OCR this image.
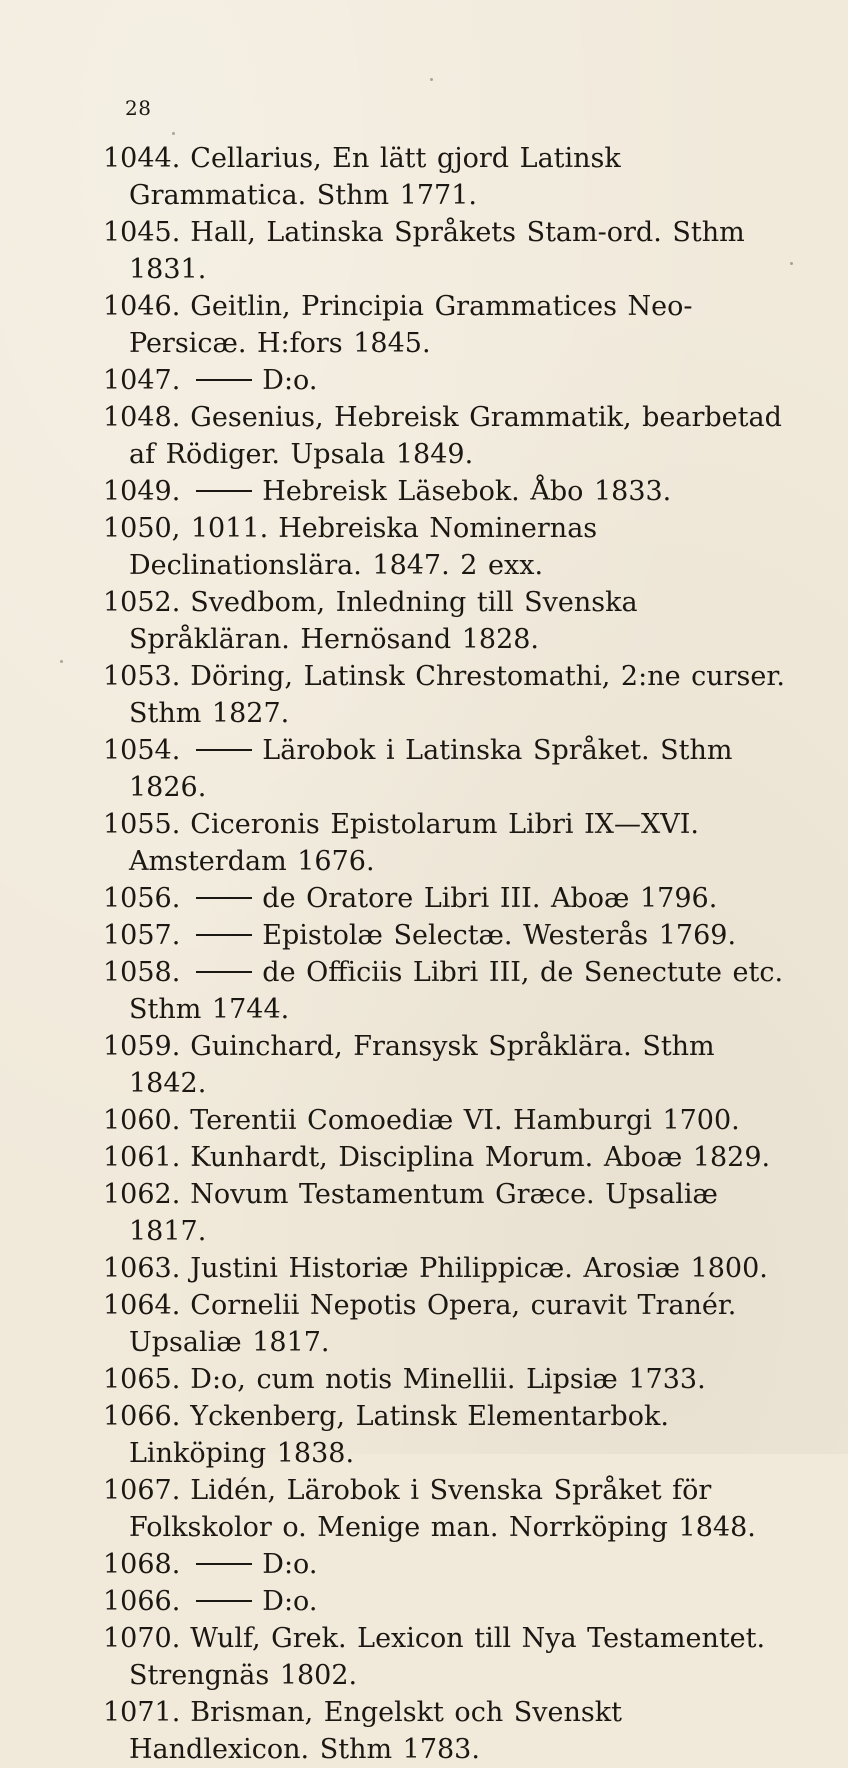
28
1044. Cellarius, En lätt gjord Latinsk Grammatica. Sthm 1771.
1045. Hall, Latinska Språkets Stam-ord. Sthm 1831.
1046. Geitlin, Principia Grammatices Neo-Persicæ. H:fors 1845.
1047.	D:o.
1048. Gesenius, Hebreisk Grammatik, bearbetad af Rödiger. Upsala 1849.
1049.	Hebreisk Läsebok. Åbo 1833.
1050, 1011. Hebreiska Nominernas Declinationslära. 1847. 2 exx.
1052. Svedbom, Inledning till Svenska Språkläran. Hernösand 1828.
1053. Döring, Latinsk Chrestomathi, 2:ne curser. Sthm 1827.
1054.	Lärobok i Latinska Språket. Sthm 1826.
1055. Ciceronis Epistolarum Libri IX—XVI. Amsterdam 1676.
1056.	de Oratore Libri III. Aboæ 1796.
1057.	Epistolæ Selectæ. Westerås 1769.
1058.	de Officiis Libri III, de Senectute etc. Sthm 1744.
1059. Guinchard, Fransysk Språklära. Sthm 1842.
1060. Terentii Comoediæ VI. Hamburgi 1700.
1061. Kunhardt, Disciplina Morum. Aboæ 1829.
1062. Novum Testamentum Græce. Upsaliæ 1817.
1063. Justini Historiæ Philippicæ. Arosiæ 1800.
1064. Cornelii Nepotis Opera, curavit Tranér. Upsaliæ 1817.
1065. D:o, cum notis Minellii. Lipsiæ 1733.
1066. Yckenberg, Latinsk Elementarbok. Linköping 1838.
1067. Lidén, Lärobok i Svenska Språket för Folkskolor o. Menige man. Norrköping 1848.
1068.	D:o.
1066.	D:o.
1070. Wulf, Grek. Lexicon till Nya Testamentet. Strengnäs 1802.
1071. Brisman, Engelskt och Svenskt Handlexicon. Sthm 1783.
